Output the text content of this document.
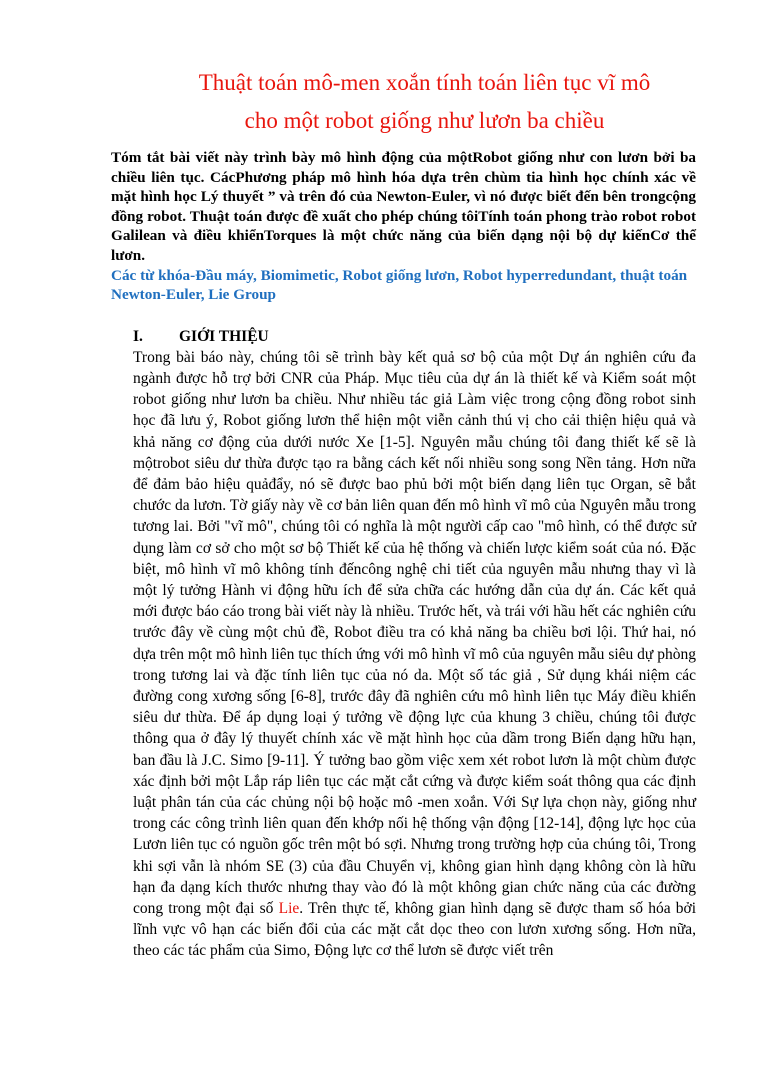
Thuật toán mô-men xoắn tính toán liên tục vĩ mô
cho một robot giống như lươn ba chiều
Tóm tắt bài viết này trình bày mô hình động của mộtRobot giống như con lươn bởi ba chiều liên tục. CácPhương pháp mô hình hóa dựa trên chùm tia hình học chính xác về mặt hình học Lý thuyết ” và trên đó của Newton-Euler, vì nó được biết đến bên trongcộng đồng robot. Thuật toán được đề xuất cho phép chúng tôiTính toán phong trào robot robot Galilean và điều khiểnTorques là một chức năng của biến dạng nội bộ dự kiếnCơ thể lươn.
Các từ khóa-Đầu máy, Biomimetic, Robot giống lươn, Robot hyperredundant, thuật toán Newton-Euler, Lie Group
I.	GIỚI THIỆU

Trong bài báo này, chúng tôi sẽ trình bày kết quả sơ bộ của một Dự án nghiên cứu đa ngành được hỗ trợ bởi CNR của Pháp. Mục tiêu của dự án là thiết kế và Kiểm soát một robot giống như lươn ba chiều. Như nhiều tác giả Làm việc trong cộng đồng robot sinh học đã lưu ý, Robot giống lươn thể hiện một viễn cảnh thú vị cho cải thiện hiệu quả và khả năng cơ động của dưới nước Xe [1-5]. Nguyên mẫu chúng tôi đang thiết kế sẽ là mộtrobot siêu dư thừa được tạo ra bằng cách kết nối nhiều song song Nền tảng. Hơn nữa để đảm bảo hiệu quảđẩy, nó sẽ được bao phủ bởi một biến dạng liên tục Organ, sẽ bắt chước da lươn. Tờ giấy này về cơ bản liên quan đến mô hình vĩ mô của Nguyên mẫu trong tương lai. Bởi "vĩ mô", chúng tôi có nghĩa là một người cấp cao "mô hình, có thể được sử dụng làm cơ sở cho một sơ bộ Thiết kế của hệ thống và chiến lược kiểm soát của nó. Đặc biệt, mô hình vĩ mô không tính đếncông nghệ chi tiết của nguyên mẫu nhưng thay vì là một lý tưởng Hành vi động hữu ích để sửa chữa các hướng dẫn của dự án. Các kết quả mới được báo cáo trong bài viết này là nhiều. Trước hết, và trái với hầu hết các nghiên cứu trước đây về cùng một chủ đề, Robot điều tra có khả năng ba chiều bơi lội. Thứ hai, nó dựa trên một mô hình liên tục thích ứng với mô hình vĩ mô của nguyên mẫu siêu dự phòng trong tương lai và đặc tính liên tục của nó da. Một số tác giả , Sử dụng khái niệm các đường cong xương sống [6-8], trước đây đã nghiên cứu mô hình liên tục Máy điều khiển siêu dư thừa. Để áp dụng loại ý tưởng về động lực của khung 3 chiều, chúng tôi được thông qua ở đây lý thuyết chính xác về mặt hình học của dầm trong Biến dạng hữu hạn, ban đầu là J.C. Simo [9-11]. Ý tưởng bao gồm việc xem xét robot lươn là một chùm được xác định bởi một Lắp ráp liên tục các mặt cắt cứng và được kiểm soát thông qua các định luật phân tán của các chủng nội bộ hoặc mô -men xoắn. Với Sự lựa chọn này, giống như trong các công trình liên quan đến khớp nối hệ thống vận động [12-14], động lực học của Lươn liên tục có nguồn gốc trên một bó sợi. Nhưng trong trường hợp của chúng tôi, Trong khi sợi vẫn là nhóm SE (3) của đầu Chuyển vị, không gian hình dạng không còn là hữu hạn đa dạng kích thước nhưng thay vào đó là một không gian chức năng của các đường cong trong một đại số Lie. Trên thực tế, không gian hình dạng sẽ được tham số hóa bởi lĩnh vực vô hạn các biến đổi của các mặt cắt dọc theo con lươn xương sống. Hơn nữa, theo các tác phẩm của Simo, Động lực cơ thể lươn sẽ được viết trên
